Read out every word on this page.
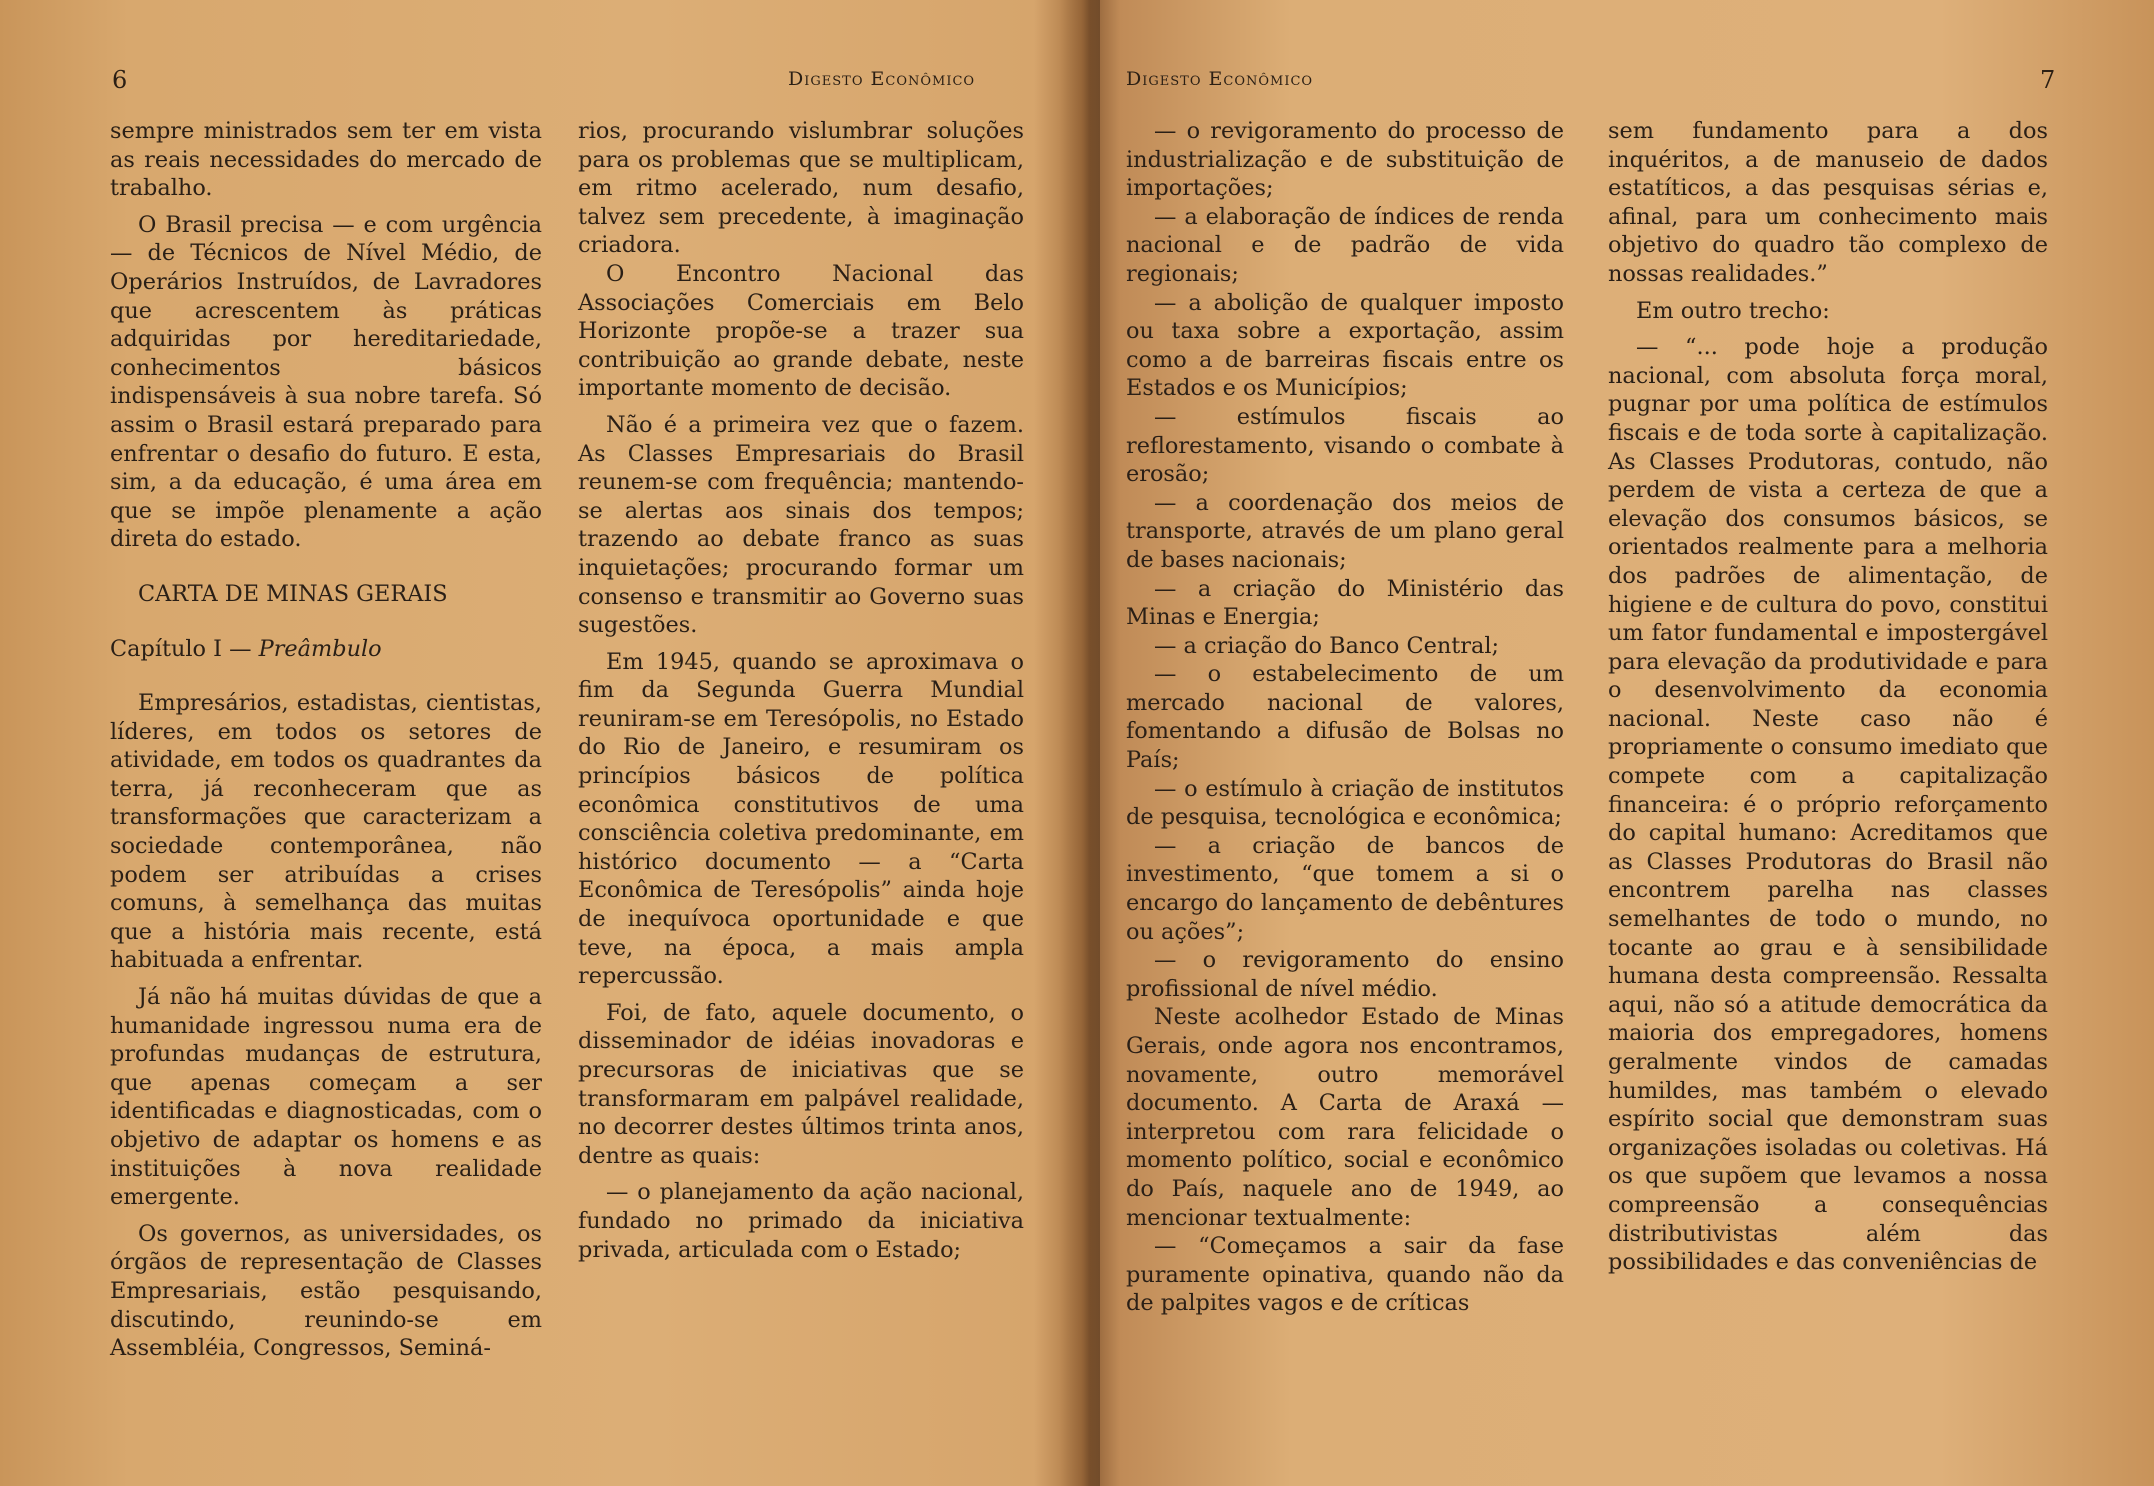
6	Digesto Econômico

sempre ministrados sem ter em vista as reais necessidades do mercado de trabalho.

O Brasil precisa — e com urgência — de Técnicos de Nível Médio, de Operários Instruídos, de Lavradores que acrescentem às práticas adquiridas por hereditariedade, conhecimentos básicos indispensáveis à sua nobre tarefa. Só assim o Brasil estará preparado para enfrentar o desafio do futuro. E esta, sim, a da educação, é uma área em que se impõe plenamente a ação direta do estado.

CARTA DE MINAS GERAIS

Capítulo I — Preâmbulo

Empresários, estadistas, cientistas, líderes, em todos os setores de atividade, em todos os quadrantes da terra, já reconheceram que as transformações que caracterizam a sociedade contemporânea, não podem ser atribuídas a crises comuns, à semelhança das muitas que a história mais recente, está habituada a enfrentar.

Já não há muitas dúvidas de que a humanidade ingressou numa era de profundas mudanças de estrutura, que apenas começam a ser identificadas e diagnosticadas, com o objetivo de adaptar os homens e as instituições à nova realidade emergente.

Os governos, as universidades, os órgãos de representação de Classes Empresariais, estão pesquisando, discutindo, reunindo-se em Assembléia, Congressos, Seminá-

rios, procurando vislumbrar soluções para os problemas que se multiplicam, em ritmo acelerado, num desafio, talvez sem precedente, à imaginação criadora.

O Encontro Nacional das Associações Comerciais em Belo Horizonte propõe-se a trazer sua contribuição ao grande debate, neste importante momento de decisão.

Não é a primeira vez que o fazem. As Classes Empresariais do Brasil reunem-se com frequência; mantendo-se alertas aos sinais dos tempos; trazendo ao debate franco as suas inquietações; procurando formar um consenso e transmitir ao Governo suas sugestões.

Em 1945, quando se aproximava o fim da Segunda Guerra Mundial reuniram-se em Teresópolis, no Estado do Rio de Janeiro, e resumiram os princípios básicos de política econômica constitutivos de uma consciência coletiva predominante, em histórico documento — a “Carta Econômica de Teresópolis” ainda hoje de inequívoca oportunidade e que teve, na época, a mais ampla repercussão.

Foi, de fato, aquele documento, o disseminador de idéias inovadoras e precursoras de iniciativas que se transformaram em palpável realidade, no decorrer destes últimos trinta anos, dentre as quais:

— o planejamento da ação nacional, fundado no primado da iniciativa privada, articulada com o Estado;

Digesto Econômico	7

— o revigoramento do processo de industrialização e de substituição de importações;

— a elaboração de índices de renda nacional e de padrão de vida regionais;

— a abolição de qualquer imposto ou taxa sobre a exportação, assim como a de barreiras fiscais entre os Estados e os Municípios;

— estímulos fiscais ao reflorestamento, visando o combate à erosão;

— a coordenação dos meios de transporte, através de um plano geral de bases nacionais;

— a criação do Ministério das Minas e Energia;

— a criação do Banco Central;

— o estabelecimento de um mercado nacional de valores, fomentando a difusão de Bolsas no País;

— o estímulo à criação de institutos de pesquisa, tecnológica e econômica;

— a criação de bancos de investimento, “que tomem a si o encargo do lançamento de debêntures ou ações”;

— o revigoramento do ensino profissional de nível médio.

Neste acolhedor Estado de Minas Gerais, onde agora nos encontramos, novamente, outro memorável documento. A Carta de Araxá — interpretou com rara felicidade o momento político, social e econômico do País, naquele ano de 1949, ao mencionar textualmente:

— “Começamos a sair da fase puramente opinativa, quando não da de palpites vagos e de críticas

sem fundamento para a dos inquéritos, a de manuseio de dados estatíticos, a das pesquisas sérias e, afinal, para um conhecimento mais objetivo do quadro tão complexo de nossas realidades.”

Em outro trecho:

— “... pode hoje a produção nacional, com absoluta força moral, pugnar por uma política de estímulos fiscais e de toda sorte à capitalização. As Classes Produtoras, contudo, não perdem de vista a certeza de que a elevação dos consumos básicos, se orientados realmente para a melhoria dos padrões de alimentação, de higiene e de cultura do povo, constitui um fator fundamental e impostergável para elevação da produtividade e para o desenvolvimento da economia nacional. Neste caso não é propriamente o consumo imediato que compete com a capitalização financeira: é o próprio reforçamento do capital humano: Acreditamos que as Classes Produtoras do Brasil não encontrem parelha nas classes semelhantes de todo o mundo, no tocante ao grau e à sensibilidade humana desta compreensão. Ressalta aqui, não só a atitude democrática da maioria dos empregadores, homens geralmente vindos de camadas humildes, mas também o elevado espírito social que demonstram suas organizações isoladas ou coletivas. Há os que supõem que levamos a nossa compreensão a consequências distributivistas além das possibilidades e das conveniências de
